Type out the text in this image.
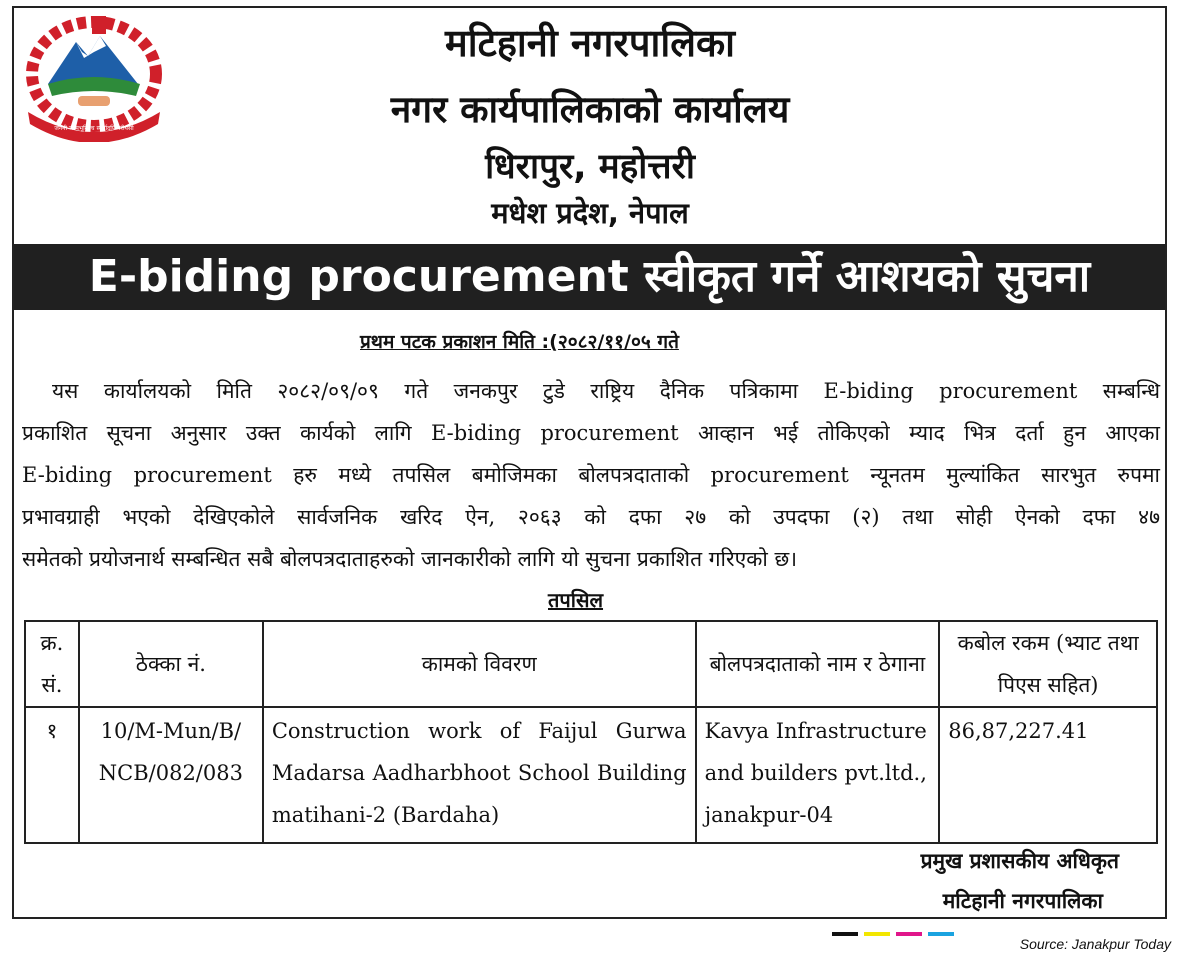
जननी जन्मभूमिश्च स्वर्गादपि गरीयसी
मटिहानी नगरपालिका
नगर कार्यपालिकाको कार्यालय
धिरापुर, महोत्तरी
मधेश प्रदेश, नेपाल
E-biding procurement स्वीकृत गर्ने आशयको सुचना
प्रथम पटक प्रकाशन मिति :(२०८२/११/०५ गते
यस कार्यालयको मिति २०८२/०९/०९ गते जनकपुर टुडे राष्ट्रिय दैनिक पत्रिकामा E-biding procurement सम्बन्धि
प्रकाशित सूचना अनुसार उक्त कार्यको लागि E-biding procurement आव्हान भई तोकिएको म्याद भित्र दर्ता हुन आएका
E-biding procurement हरु मध्ये तपसिल बमोजिमका बोलपत्रदाताको procurement न्यूनतम मुल्यांकित सारभुत रुपमा
प्रभावग्राही भएको देखिएकोले सार्वजनिक खरिद ऐन, २०६३ को दफा २७ को उपदफा (२) तथा सोही ऐनको दफा ४७
समेतको प्रयोजनार्थ सम्बन्धित सबै बोलपत्रदाताहरुको जानकारीको लागि यो सुचना प्रकाशित गरिएको छ।
तपसिल
क्र. सं.	ठेक्का नं.	कामको विवरण	बोलपत्रदाताको नाम र ठेगाना	कबोल रकम (भ्याट तथा पिएस सहित)
१	10/M-Mun/B/ NCB/082/083	Construction work of Faijul Gurwa Madarsa Aadharbhoot School Building matihani-2 (Bardaha)	Kavya Infrastructure and builders pvt.ltd., janakpur-04	86,87,227.41
प्रमुख प्रशासकीय अधिकृत
मटिहानी नगरपालिका
Source: Janakpur Today
